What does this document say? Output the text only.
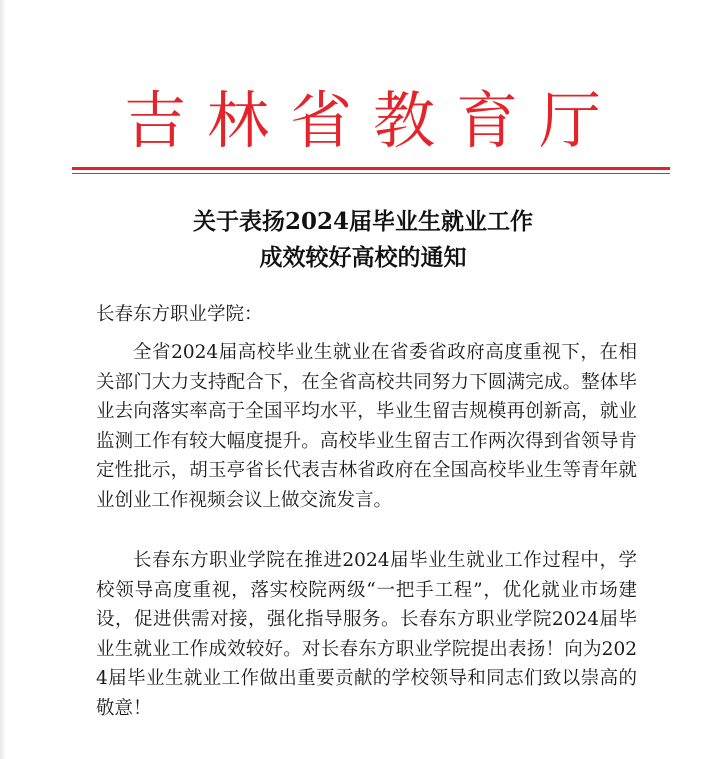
吉林省教育厅
关于表扬2024届毕业生就业工作
成效较好高校的通知
长春东方职业学院：

全省2024届高校毕业生就业在省委省政府高度重视下，在相关部门大力支持配合下，在全省高校共同努力下圆满完成。整体毕业去向落实率高于全国平均水平，毕业生留吉规模再创新高，就业监测工作有较大幅度提升。高校毕业生留吉工作两次得到省领导肯定性批示，胡玉亭省长代表吉林省政府在全国高校毕业生等青年就业创业工作视频会议上做交流发言。

长春东方职业学院在推进2024届毕业生就业工作过程中，学校领导高度重视，落实校院两级“一把手工程”，优化就业市场建设，促进供需对接，强化指导服务。长春东方职业学院2024届毕业生就业工作成效较好。对长春东方职业学院提出表扬！向为2024届毕业生就业工作做出重要贡献的学校领导和同志们致以崇高的敬意！
